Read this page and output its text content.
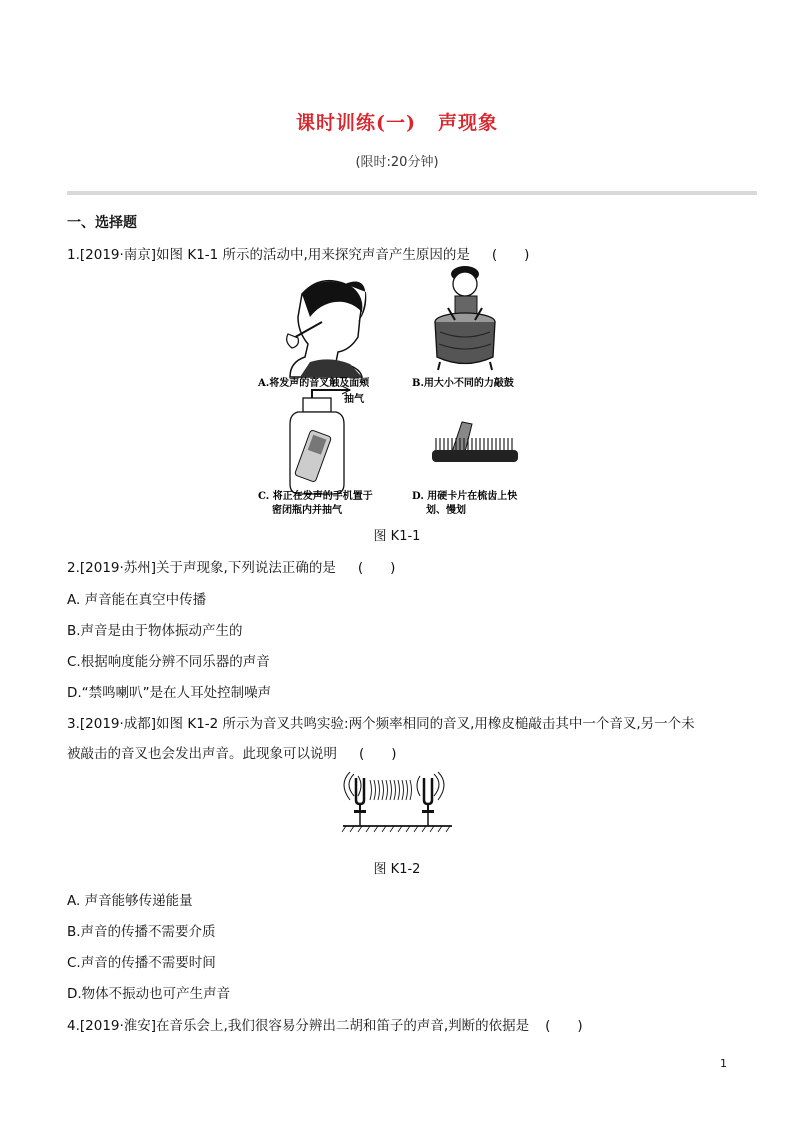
课时训练(一) 声现象
(限时:20分钟)
一、选择题
1.[2019·南京]如图 K1-1 所示的活动中,用来探究声音产生原因的是 (　　)
A.将发声的音叉触及面颊	B.用大小不同的力敲鼓
抽气
C. 将正在发声的手机置于
密闭瓶内并抽气
D. 用硬卡片在梳齿上快
划、慢划
图 K1-1
2.[2019·苏州]关于声现象,下列说法正确的是 (　　)
A. 声音能在真空中传播
B.声音是由于物体振动产生的
C.根据响度能分辨不同乐器的声音
D.“禁鸣喇叭”是在人耳处控制噪声
3.[2019·成都]如图 K1-2 所示为音叉共鸣实验:两个频率相同的音叉,用橡皮槌敲击其中一个音叉,另一个未
被敲击的音叉也会发出声音。此现象可以说明 (　　)
图 K1-2
A. 声音能够传递能量
B.声音的传播不需要介质
C.声音的传播不需要时间
D.物体不振动也可产生声音
4.[2019·淮安]在音乐会上,我们很容易分辨出二胡和笛子的声音,判断的依据是 (　　)
1
